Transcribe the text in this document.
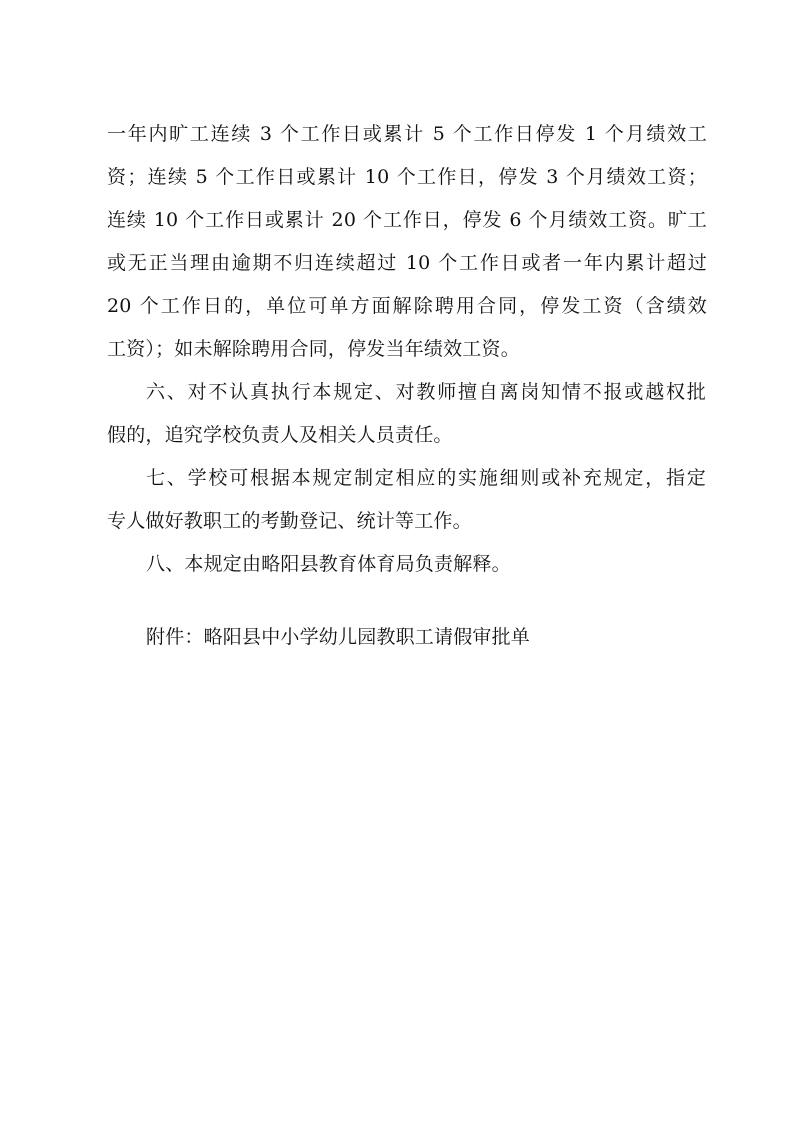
一年内旷工连续 3 个工作日或累计 5 个工作日停发 1 个月绩效工
资；连续 5 个工作日或累计 10 个工作日，停发 3 个月绩效工资；
连续 10 个工作日或累计 20 个工作日，停发 6 个月绩效工资。旷工
或无正当理由逾期不归连续超过 10 个工作日或者一年内累计超过
20 个工作日的，单位可单方面解除聘用合同，停发工资（含绩效
工资）；如未解除聘用合同，停发当年绩效工资。
六、对不认真执行本规定、对教师擅自离岗知情不报或越权批
假的，追究学校负责人及相关人员责任。
七、学校可根据本规定制定相应的实施细则或补充规定，指定
专人做好教职工的考勤登记、统计等工作。
八、本规定由略阳县教育体育局负责解释。
附件：略阳县中小学幼儿园教职工请假审批单
